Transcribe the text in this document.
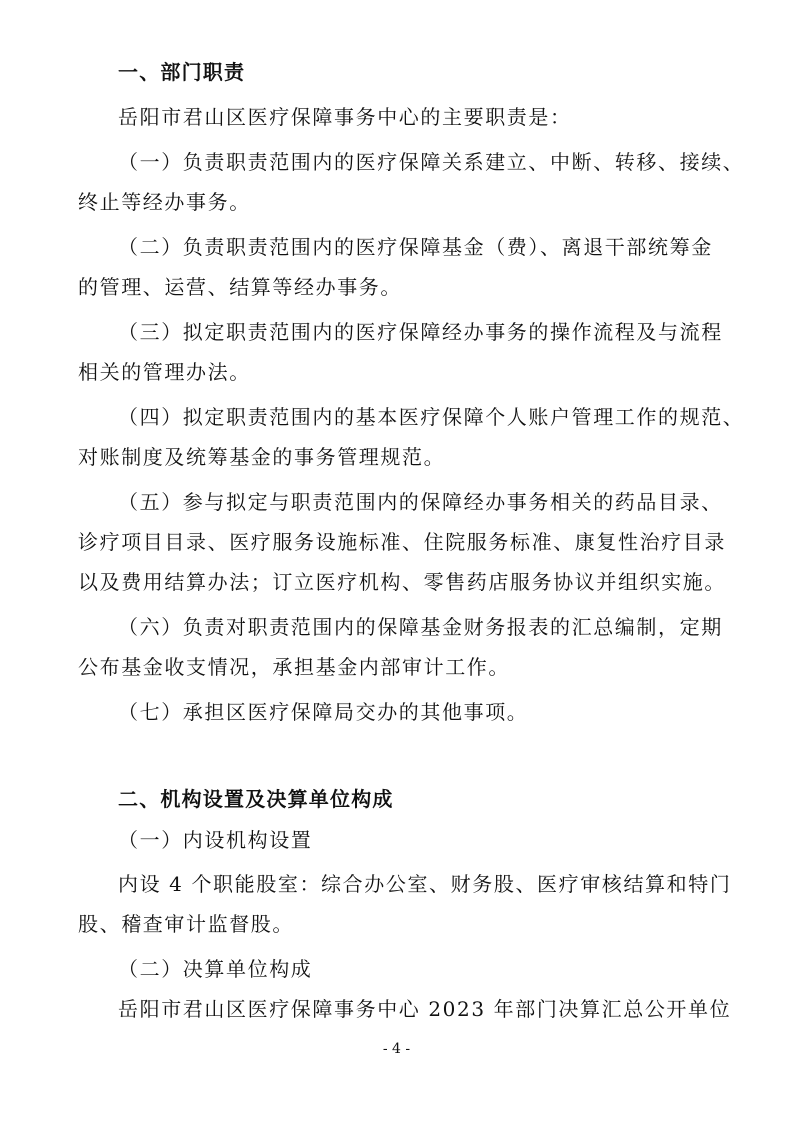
一、部门职责
岳阳市君山区医疗保障事务中心的主要职责是：
（一）负责职责范围内的医疗保障关系建立、中断、转移、接续、
终止等经办事务。
（二）负责职责范围内的医疗保障基金（费）、离退干部统筹金
的管理、运营、结算等经办事务。
（三）拟定职责范围内的医疗保障经办事务的操作流程及与流程
相关的管理办法。
（四）拟定职责范围内的基本医疗保障个人账户管理工作的规范、
对账制度及统筹基金的事务管理规范。
（五）参与拟定与职责范围内的保障经办事务相关的药品目录、
诊疗项目目录、医疗服务设施标准、住院服务标准、康复性治疗目录
以及费用结算办法；订立医疗机构、零售药店服务协议并组织实施。
（六）负责对职责范围内的保障基金财务报表的汇总编制，定期
公布基金收支情况，承担基金内部审计工作。
（七）承担区医疗保障局交办的其他事项。
二、机构设置及决算单位构成
（一）内设机构设置
内设 4 个职能股室：综合办公室、财务股、医疗审核结算和特门
股、稽查审计监督股。
（二）决算单位构成
岳阳市君山区医疗保障事务中心 2023 年部门决算汇总公开单位
- 4 -
